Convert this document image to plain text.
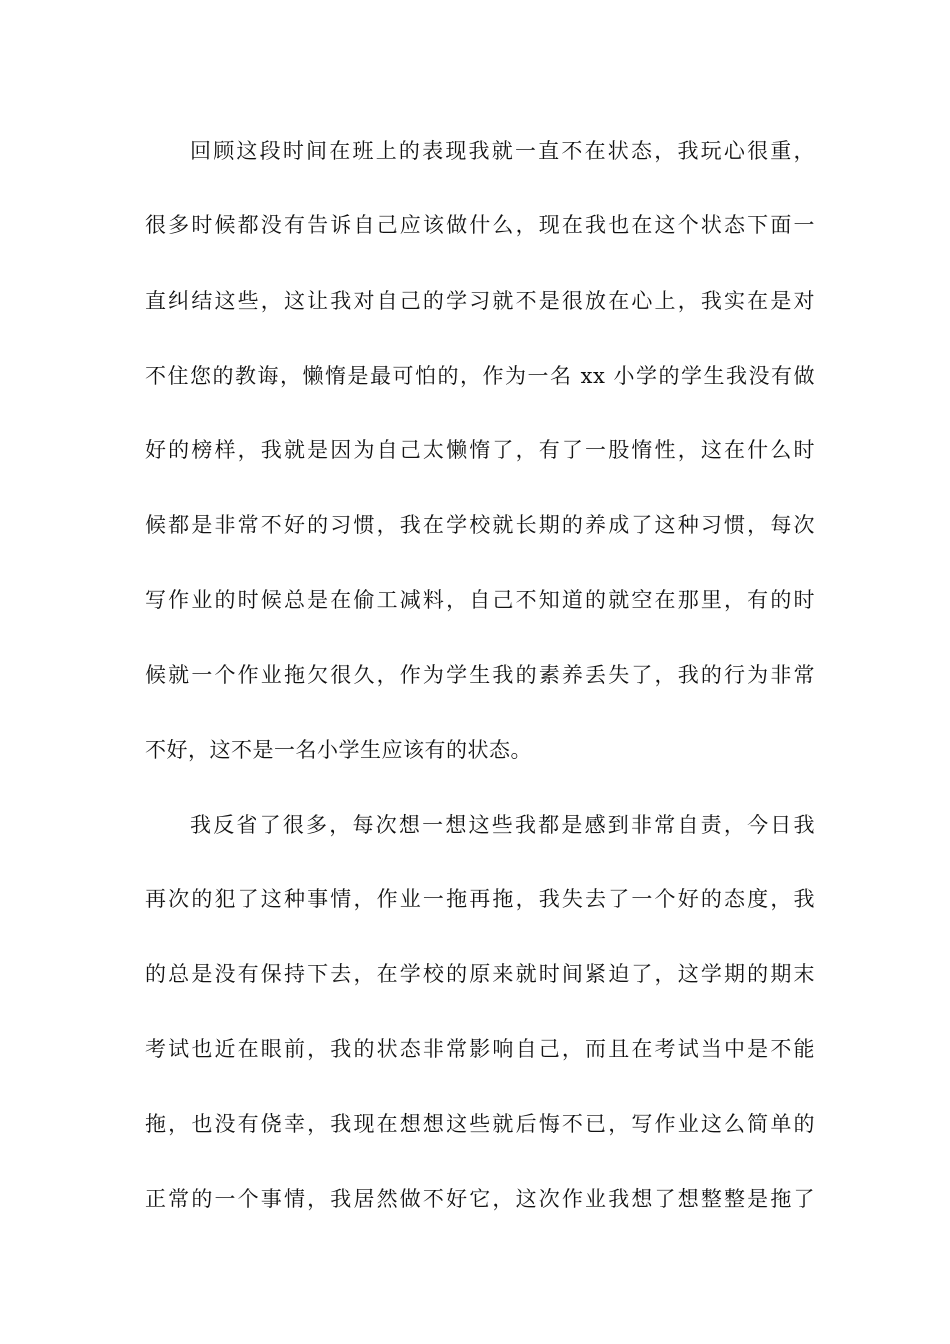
回顾这段时间在班上的表现我就一直不在状态，我玩心很重，
很多时候都没有告诉自己应该做什么，现在我也在这个状态下面一
直纠结这些，这让我对自己的学习就不是很放在心上，我实在是对
不住您的教诲，懒惰是最可怕的，作为一名 xx 小学的学生我没有做
好的榜样，我就是因为自己太懒惰了，有了一股惰性，这在什么时
候都是非常不好的习惯，我在学校就长期的养成了这种习惯，每次
写作业的时候总是在偷工减料，自己不知道的就空在那里，有的时
候就一个作业拖欠很久，作为学生我的素养丢失了，我的行为非常
不好，这不是一名小学生应该有的状态。
我反省了很多，每次想一想这些我都是感到非常自责，今日我
再次的犯了这种事情，作业一拖再拖，我失去了一个好的态度，我
的总是没有保持下去，在学校的原来就时间紧迫了，这学期的期末
考试也近在眼前，我的状态非常影响自己，而且在考试当中是不能
拖，也没有侥幸，我现在想想这些就后悔不已，写作业这么简单的
正常的一个事情，我居然做不好它，这次作业我想了想整整是拖了
